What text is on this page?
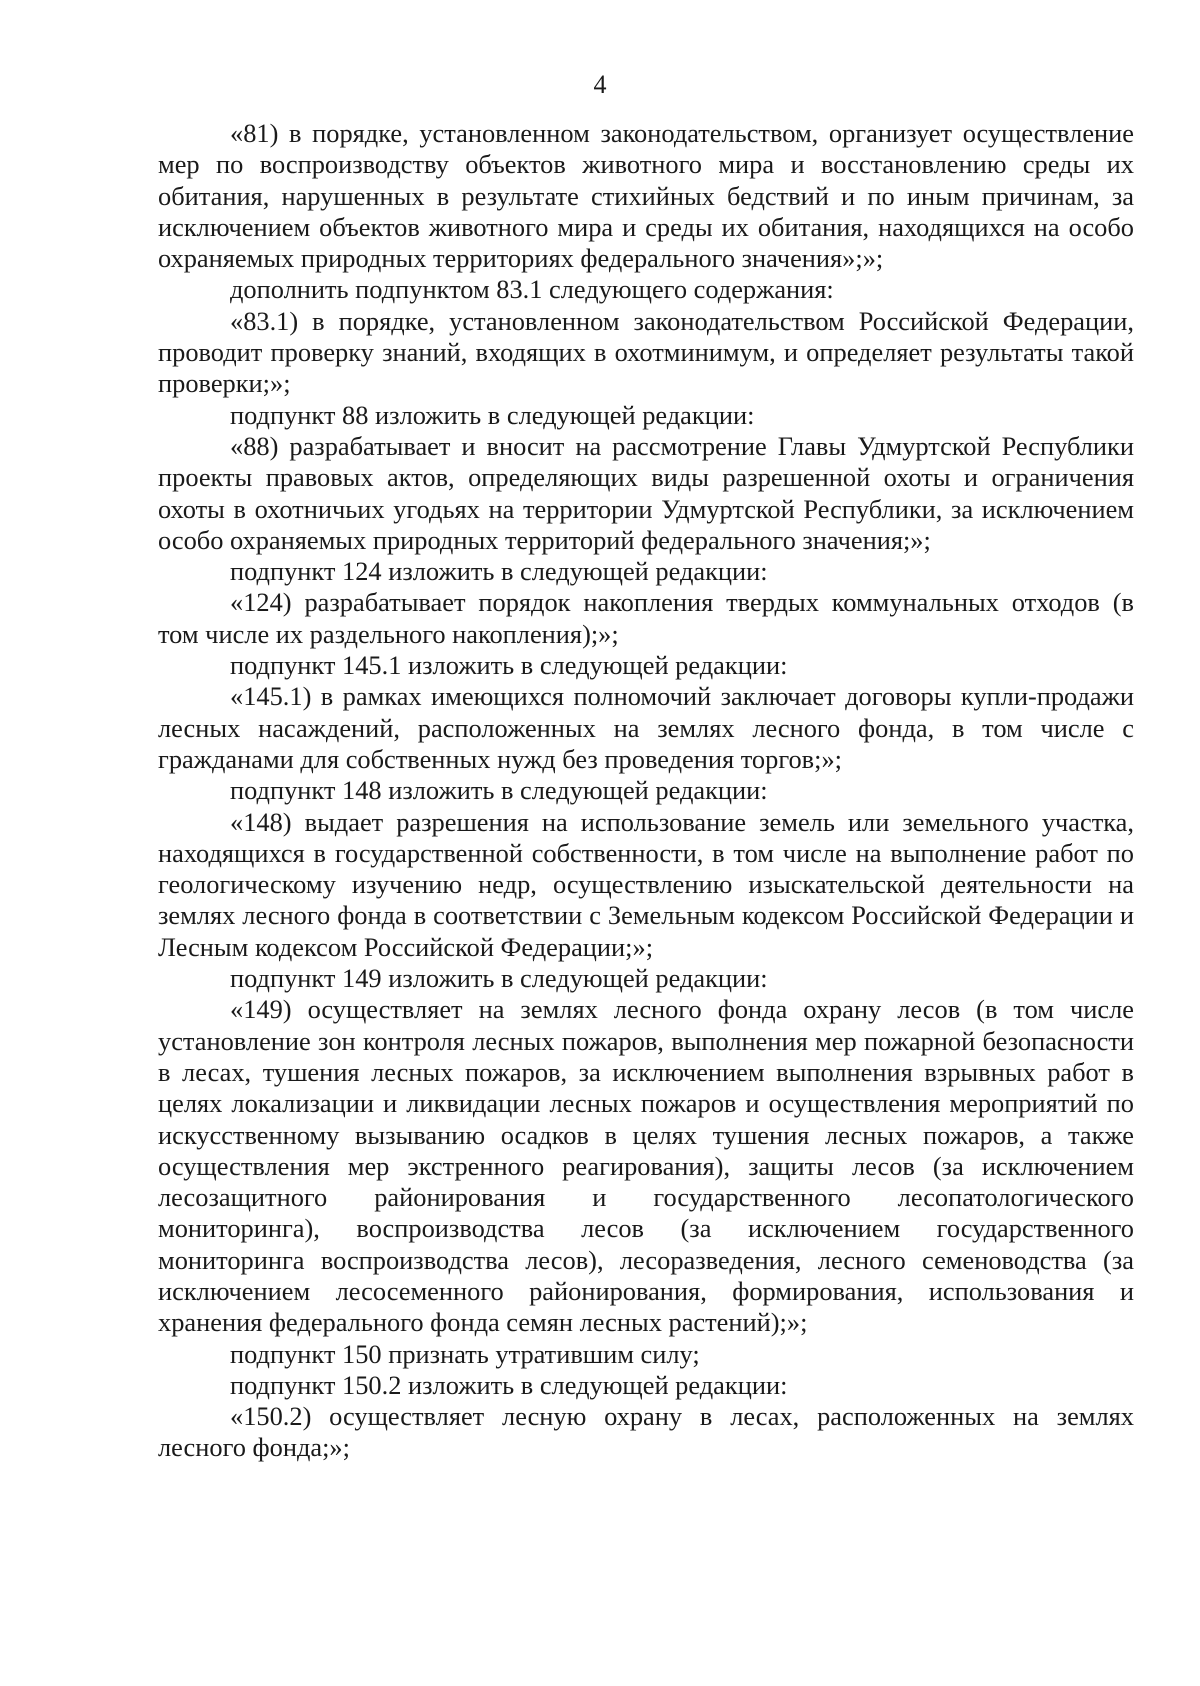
4

«81) в порядке, установленном законодательством, организует осуществление мер по воспроизводству объектов животного мира и восстановлению среды их обитания, нарушенных в результате стихийных бедствий и по иным причинам, за исключением объектов животного мира и среды их обитания, находящихся на особо охраняемых природных территориях федерального значения»;»;

дополнить подпунктом 83.1 следующего содержания:

«83.1) в порядке, установленном законодательством Российской Федерации, проводит проверку знаний, входящих в охотминимум, и определяет результаты такой проверки;»;

подпункт 88 изложить в следующей редакции:

«88) разрабатывает и вносит на рассмотрение Главы Удмуртской Республики проекты правовых актов, определяющих виды разрешенной охоты и ограничения охоты в охотничьих угодьях на территории Удмуртской Республики, за исключением особо охраняемых природных территорий федерального значения;»;

подпункт 124 изложить в следующей редакции:

«124) разрабатывает порядок накопления твердых коммунальных отходов (в том числе их раздельного накопления);»;

подпункт 145.1 изложить в следующей редакции:

«145.1) в рамках имеющихся полномочий заключает договоры купли-продажи лесных насаждений, расположенных на землях лесного фонда, в том числе с гражданами для собственных нужд без проведения торгов;»;

подпункт 148 изложить в следующей редакции:

«148) выдает разрешения на использование земель или земельного участка, находящихся в государственной собственности, в том числе на выполнение работ по геологическому изучению недр, осуществлению изыскательской деятельности на землях лесного фонда в соответствии с Земельным кодексом Российской Федерации и Лесным кодексом Российской Федерации;»;

подпункт 149 изложить в следующей редакции:

«149) осуществляет на землях лесного фонда охрану лесов (в том числе установление зон контроля лесных пожаров, выполнения мер пожарной безопасности в лесах, тушения лесных пожаров, за исключением выполнения взрывных работ в целях локализации и ликвидации лесных пожаров и осуществления мероприятий по искусственному вызыванию осадков в целях тушения лесных пожаров, а также осуществления мер экстренного реагирования), защиты лесов (за исключением лесозащитного районирования и государственного лесопатологического мониторинга), воспроизводства лесов (за исключением государственного мониторинга воспроизводства лесов), лесоразведения, лесного семеноводства (за исключением лесосеменного районирования, формирования, использования и хранения федерального фонда семян лесных растений);»;

подпункт 150 признать утратившим силу;

подпункт 150.2 изложить в следующей редакции:

«150.2) осуществляет лесную охрану в лесах, расположенных на землях лесного фонда;»;
